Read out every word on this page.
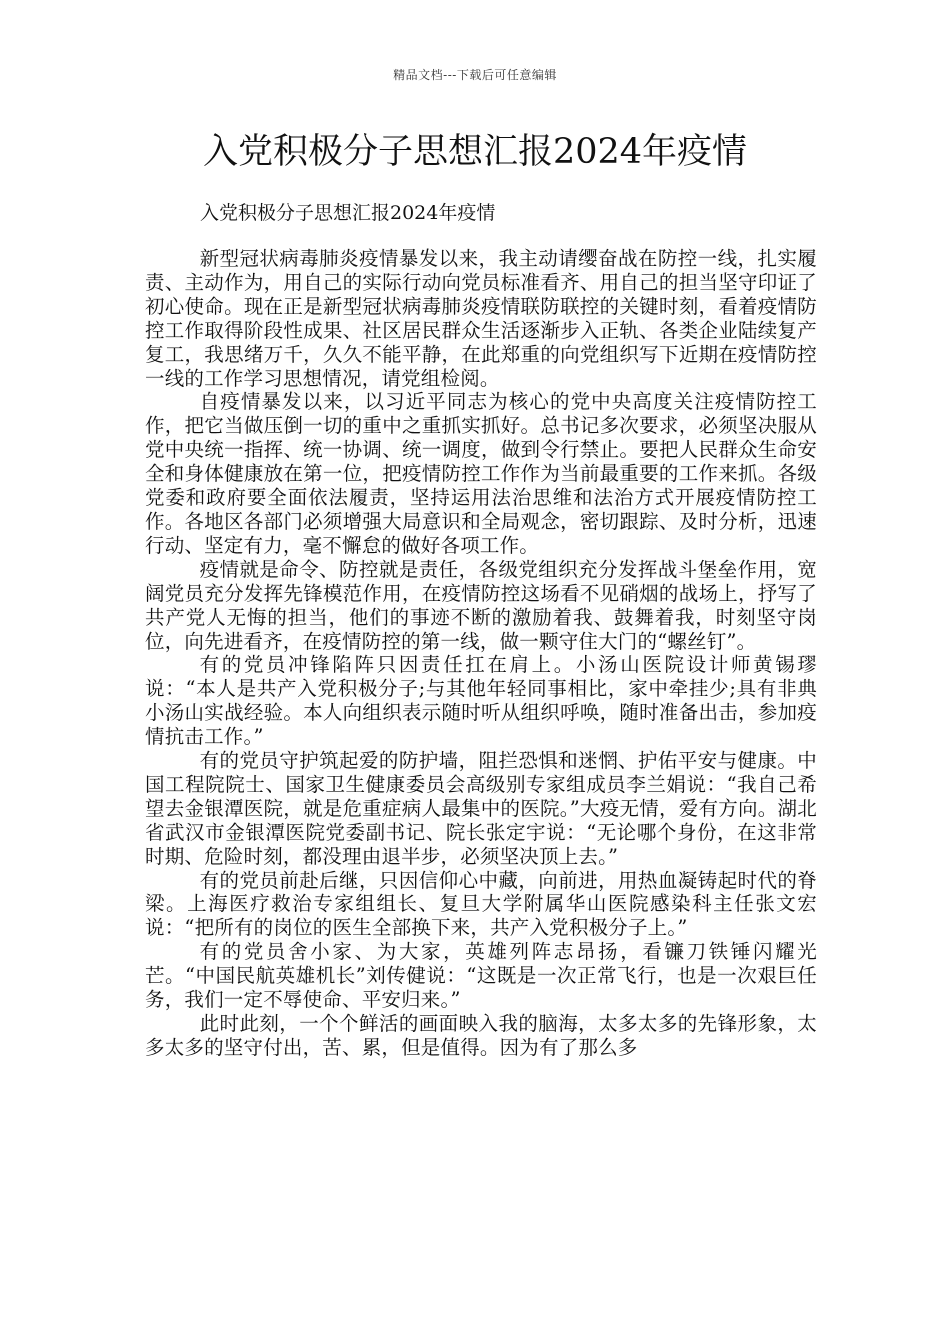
精品文档---下载后可任意编辑
入党积极分子思想汇报2024年疫情
入党积极分子思想汇报2024年疫情

新型冠状病毒肺炎疫情暴发以来，我主动请缨奋战在防控一线，扎实履责、主动作为，用自己的实际行动向党员标准看齐、用自己的担当坚守印证了初心使命。现在正是新型冠状病毒肺炎疫情联防联控的关键时刻，看着疫情防控工作取得阶段性成果、社区居民群众生活逐渐步入正轨、各类企业陆续复产复工，我思绪万千，久久不能平静，在此郑重的向党组织写下近期在疫情防控一线的工作学习思想情况，请党组检阅。

自疫情暴发以来，以习近平同志为核心的党中央高度关注疫情防控工作，把它当做压倒一切的重中之重抓实抓好。总书记多次要求，必须坚决服从党中央统一指挥、统一协调、统一调度，做到令行禁止。要把人民群众生命安全和身体健康放在第一位，把疫情防控工作作为当前最重要的工作来抓。各级党委和政府要全面依法履责，坚持运用法治思维和法治方式开展疫情防控工作。各地区各部门必须增强大局意识和全局观念，密切跟踪、及时分析，迅速行动、坚定有力，毫不懈怠的做好各项工作。

疫情就是命令、防控就是责任，各级党组织充分发挥战斗堡垒作用，宽阔党员充分发挥先锋模范作用，在疫情防控这场看不见硝烟的战场上，抒写了共产党人无悔的担当，他们的事迹不断的激励着我、鼓舞着我，时刻坚守岗位，向先进看齐，在疫情防控的第一线，做一颗守住大门的“螺丝钉”。

有的党员冲锋陷阵只因责任扛在肩上。小汤山医院设计师黄锡璆说：“本人是共产入党积极分子;与其他年轻同事相比，家中牵挂少;具有非典小汤山实战经验。本人向组织表示随时听从组织呼唤，随时准备出击，参加疫情抗击工作。”

有的党员守护筑起爱的防护墙，阻拦恐惧和迷惘、护佑平安与健康。中国工程院院士、国家卫生健康委员会高级别专家组成员李兰娟说：“我自己希望去金银潭医院，就是危重症病人最集中的医院。”大疫无情，爱有方向。湖北省武汉市金银潭医院党委副书记、院长张定宇说：“无论哪个身份，在这非常时期、危险时刻，都没理由退半步，必须坚决顶上去。”

有的党员前赴后继，只因信仰心中藏，向前进，用热血凝铸起时代的脊梁。上海医疗救治专家组组长、复旦大学附属华山医院感染科主任张文宏说：“把所有的岗位的医生全部换下来，共产入党积极分子上。”

有的党员舍小家、为大家，英雄列阵志昂扬，看镰刀铁锤闪耀光芒。“中国民航英雄机长”刘传健说：“这既是一次正常飞行，也是一次艰巨任务，我们一定不辱使命、平安归来。”

此时此刻，一个个鲜活的画面映入我的脑海，太多太多的先锋形象，太多太多的坚守付出，苦、累，但是值得。因为有了那么多
